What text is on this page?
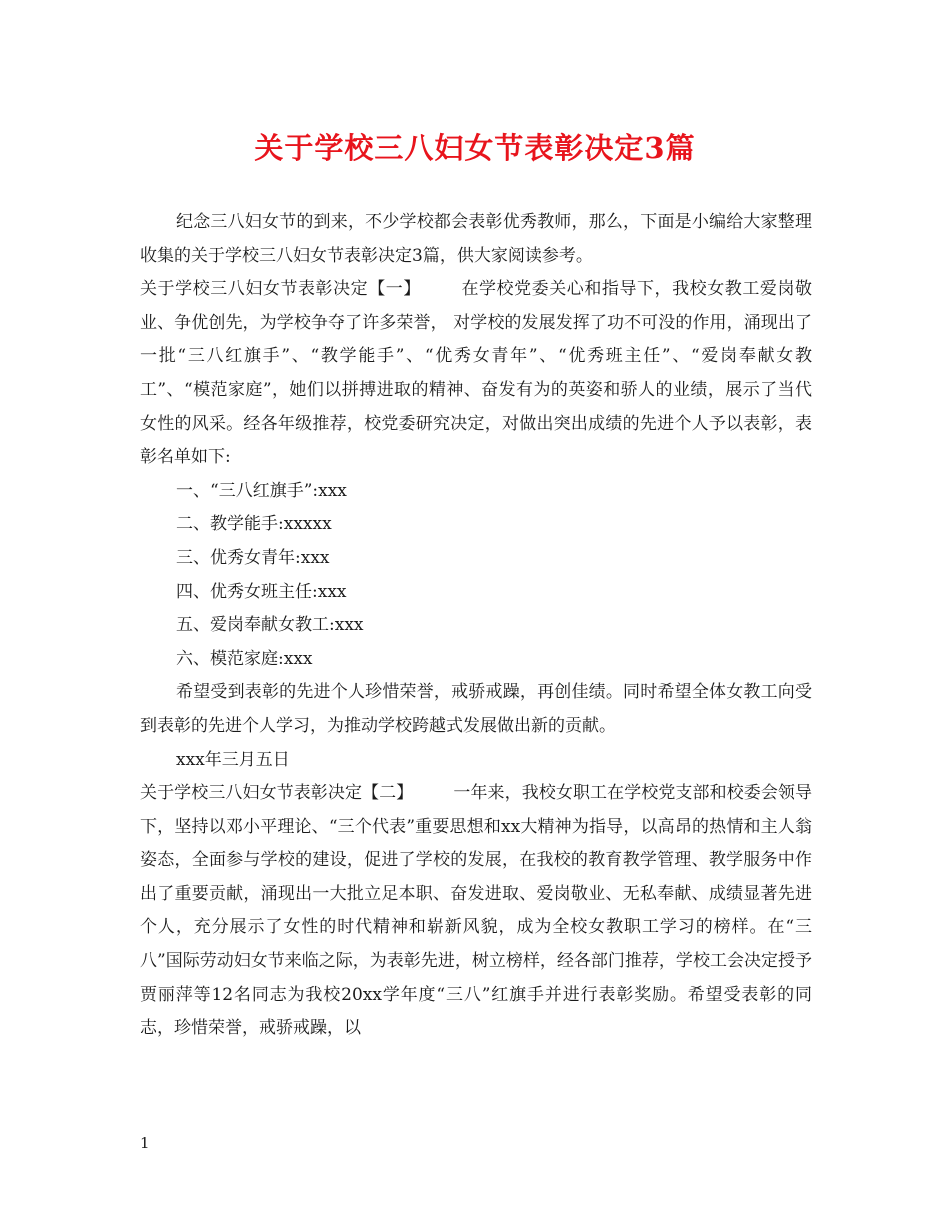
关于学校三八妇女节表彰决定3篇

纪念三八妇女节的到来，不少学校都会表彰优秀教师，那么，下面是小编给大家整理收集的关于学校三八妇女节表彰决定3篇，供大家阅读参考。

关于学校三八妇女节表彰决定【一】 在学校党委关心和指导下，我校女教工爱岗敬业、争优创先，为学校争夺了许多荣誉， 对学校的发展发挥了功不可没的作用，涌现出了一批“三八红旗手”、“教学能手”、“优秀女青年”、“优秀班主任”、“爱岗奉献女教工”、“模范家庭”，她们以拼搏进取的精神、奋发有为的英姿和骄人的业绩，展示了当代女性的风采。经各年级推荐，校党委研究决定，对做出突出成绩的先进个人予以表彰，表彰名单如下:

一、“三八红旗手”:xxx

二、教学能手:xxxxx

三、优秀女青年:xxx

四、优秀女班主任:xxx

五、爱岗奉献女教工:xxx

六、模范家庭:xxx

希望受到表彰的先进个人珍惜荣誉，戒骄戒躁，再创佳绩。同时希望全体女教工向受到表彰的先进个人学习，为推动学校跨越式发展做出新的贡献。

xxx年三月五日

关于学校三八妇女节表彰决定【二】 一年来，我校女职工在学校党支部和校委会领导下，坚持以邓小平理论、“三个代表”重要思想和xx大精神为指导，以高昂的热情和主人翁姿态，全面参与学校的建设，促进了学校的发展，在我校的教育教学管理、教学服务中作出了重要贡献，涌现出一大批立足本职、奋发进取、爱岗敬业、无私奉献、成绩显著先进个人，充分展示了女性的时代精神和崭新风貌，成为全校女教职工学习的榜样。在“三八”国际劳动妇女节来临之际，为表彰先进，树立榜样，经各部门推荐，学校工会决定授予贾丽萍等12名同志为我校20xx学年度“三八”红旗手并进行表彰奖励。希望受表彰的同志，珍惜荣誉，戒骄戒躁，以

1
